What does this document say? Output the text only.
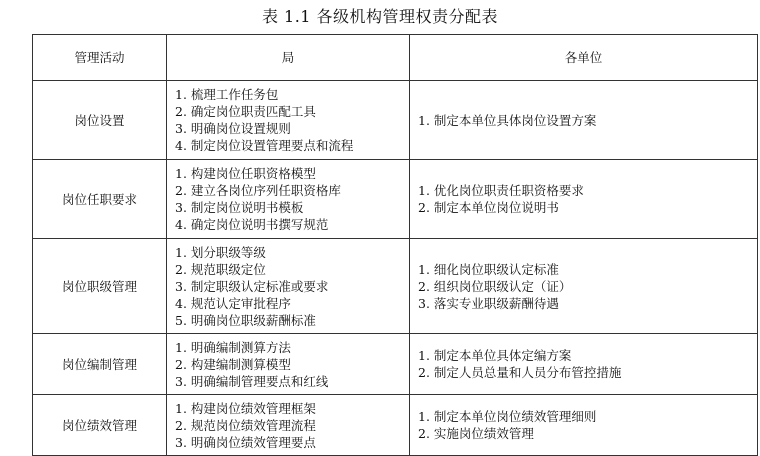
表 1.1 各级机构管理权责分配表
管理活动	局	各单位
岗位设置	1. 梳理工作任务包
2. 确定岗位职责匹配工具
3. 明确岗位设置规则
4. 制定岗位设置管理要点和流程	1. 制定本单位具体岗位设置方案

岗位任职要求	1. 构建岗位任职资格模型
2. 建立各岗位序列任职资格库
3. 制定岗位说明书模板
4. 确定岗位说明书撰写规范	1. 优化岗位职责任职资格要求
2. 制定本单位岗位说明书

岗位职级管理	1. 划分职级等级
2. 规范职级定位
3. 制定职级认定标准或要求
4. 规范认定审批程序
5. 明确岗位职级薪酬标准	1. 细化岗位职级认定标准
2. 组织岗位职级认定（证）
3. 落实专业职级薪酬待遇

岗位编制管理	1. 明确编制测算方法
2. 构建编制测算模型
3. 明确编制管理要点和红线	1. 制定本单位具体定编方案
2. 制定人员总量和人员分布管控措施

岗位绩效管理	1. 构建岗位绩效管理框架
2. 规范岗位绩效管理流程
3. 明确岗位绩效管理要点	1. 制定本单位岗位绩效管理细则
2. 实施岗位绩效管理
